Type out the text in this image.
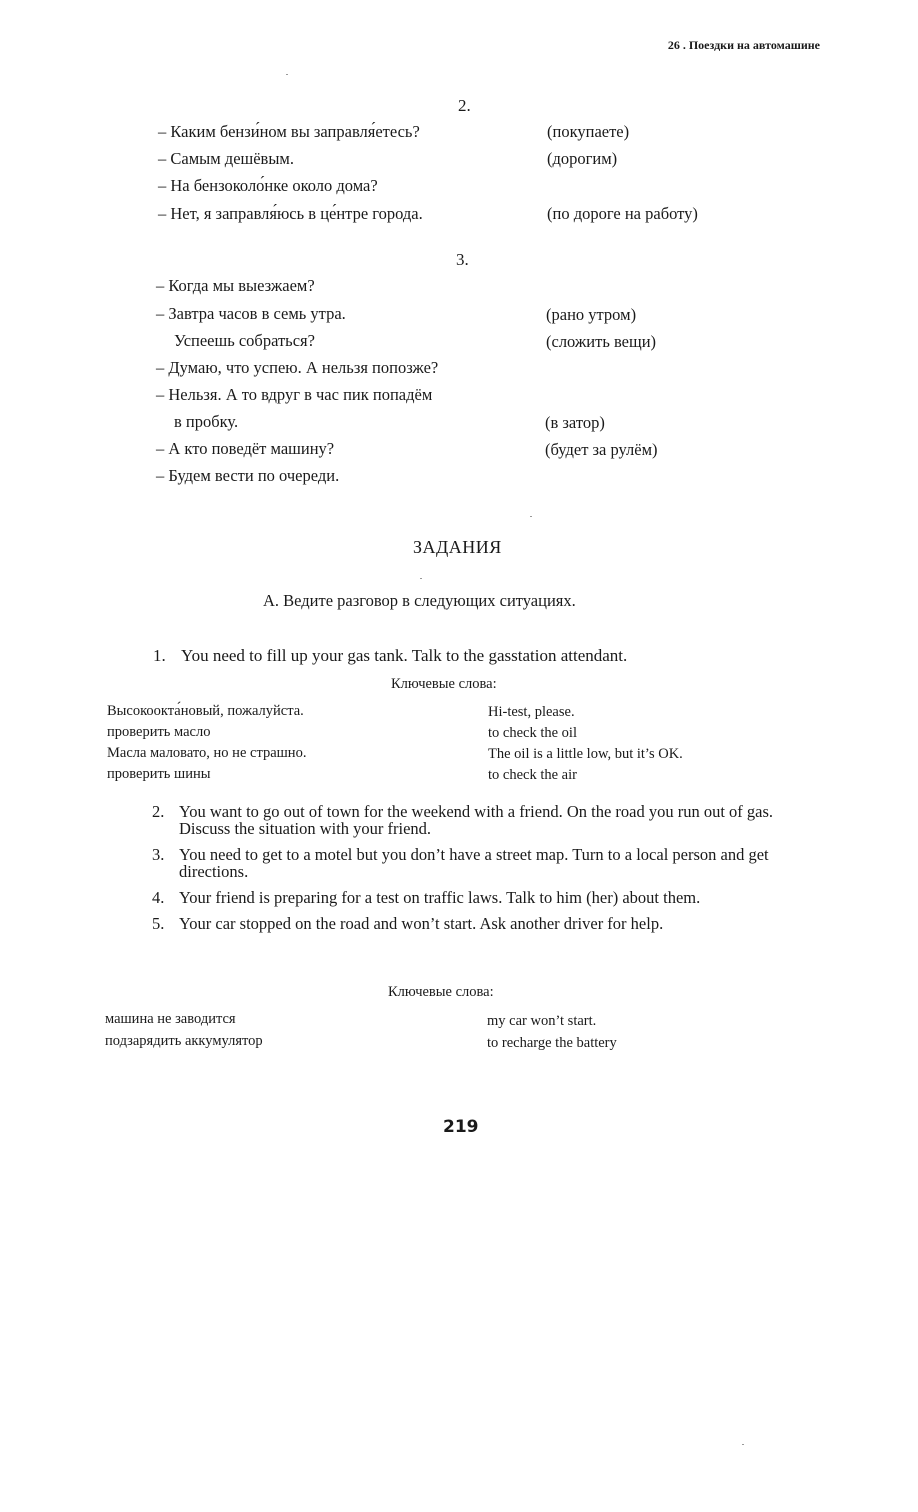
26 . Поездки на автомашине
2.
– Каким бензи́ном вы заправля́етесь?	(покупаете)
– Самым дешёвым.	(дорогим)
– На бензоколо́нке около дома?
– Нет, я заправля́юсь в це́нтре города.	(по дороге на работу)
3.
– Когда мы выезжаем?
– Завтра часов в семь утра.	(рано утром)
Успеешь собраться?	(сложить вещи)
– Думаю, что успею. А нельзя попозже?
– Нельзя. А то вдруг в час пик попадём
в пробку.	(в затор)
– А кто поведёт машину?	(будет за рулём)
– Будем вести по очереди.
ЗАДАНИЯ
А. Ведите разговор в следующих ситуациях.
1. You need to fill up your gas tank. Talk to the gasstation attendant.
Ключевые слова:
Высокоокта́новый, пожалуйста.	Hi-test, please.
проверить масло	to check the oil
Масла маловато, но не страшно.	The oil is a little low, but it’s OK.
проверить шины	to check the air
2. You want to go out of town for the weekend with a friend. On the road you run out of gas. Discuss the situation with your friend.
3. You need to get to a motel but you don’t have a street map. Turn to a local person and get directions.
4. Your friend is preparing for a test on traffic laws. Talk to him (her) about them.
5. Your car stopped on the road and won’t start. Ask another driver for help.
Ключевые слова:
машина не заводится	my car won’t start.
подзарядить аккумулятор	to recharge the battery
219
